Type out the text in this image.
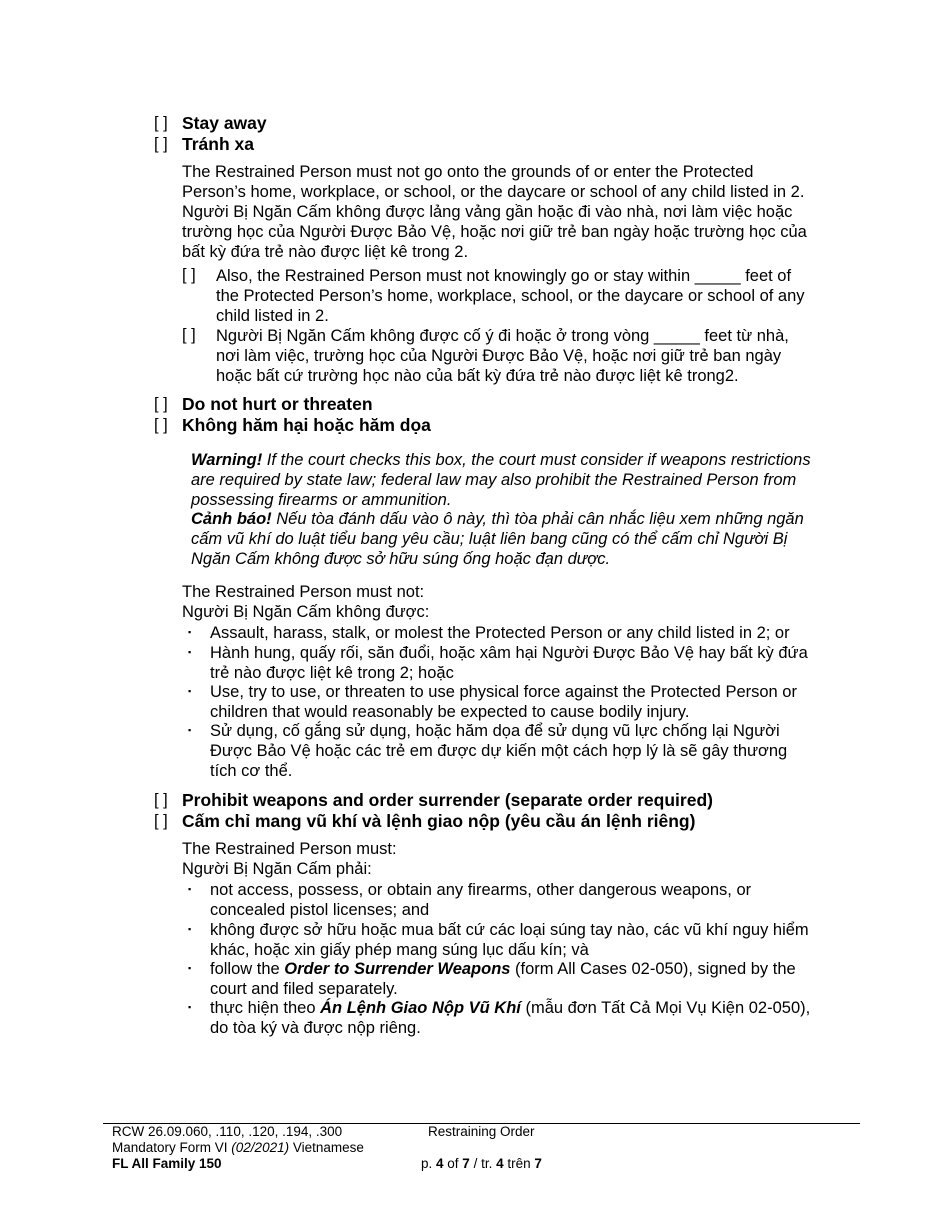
[ ] Stay away
[ ] Tránh xa
The Restrained Person must not go onto the grounds of or enter the Protected
Person’s home, workplace, or school, or the daycare or school of any child listed in 2.
Người Bị Ngăn Cấm không được lảng vảng gần hoặc đi vào nhà, nơi làm việc hoặc
trường học của Người Được Bảo Vệ, hoặc nơi giữ trẻ ban ngày hoặc trường học của
bất kỳ đứa trẻ nào được liệt kê trong 2.
[ ] Also, the Restrained Person must not knowingly go or stay within _____ feet of
the Protected Person’s home, workplace, school, or the daycare or school of any
child listed in 2.
[ ] Người Bị Ngăn Cấm không được cố ý đi hoặc ở trong vòng _____ feet từ nhà,
nơi làm việc, trường học của Người Được Bảo Vệ, hoặc nơi giữ trẻ ban ngày
hoặc bất cứ trường học nào của bất kỳ đứa trẻ nào được liệt kê trong2.
[ ] Do not hurt or threaten
[ ] Không hăm hại hoặc hăm dọa
Warning! If the court checks this box, the court must consider if weapons restrictions
are required by state law; federal law may also prohibit the Restrained Person from
possessing firearms or ammunition.
Cảnh báo! Nếu tòa đánh dấu vào ô này, thì tòa phải cân nhắc liệu xem những ngăn
cấm vũ khí do luật tiểu bang yêu cầu; luật liên bang cũng có thể cấm chỉ Người Bị
Ngăn Cấm không được sở hữu súng ống hoặc đạn dược.
The Restrained Person must not:
Người Bị Ngăn Cấm không được:
▪ Assault, harass, stalk, or molest the Protected Person or any child listed in 2; or
▪ Hành hung, quấy rối, săn đuổi, hoặc xâm hại Người Được Bảo Vệ hay bất kỳ đứa
trẻ nào được liệt kê trong 2; hoặc
▪ Use, try to use, or threaten to use physical force against the Protected Person or
children that would reasonably be expected to cause bodily injury.
▪ Sử dụng, cố gắng sử dụng, hoặc hăm dọa để sử dụng vũ lực chống lại Người
Được Bảo Vệ hoặc các trẻ em được dự kiến một cách hợp lý là sẽ gây thương
tích cơ thể.
[ ] Prohibit weapons and order surrender (separate order required)
[ ] Cấm chỉ mang vũ khí và lệnh giao nộp (yêu cầu án lệnh riêng)
The Restrained Person must:
Người Bị Ngăn Cấm phải:
▪ not access, possess, or obtain any firearms, other dangerous weapons, or
concealed pistol licenses; and
▪ không được sở hữu hoặc mua bất cứ các loại súng tay nào, các vũ khí nguy hiểm
khác, hoặc xin giấy phép mang súng lục dấu kín; và
▪ follow the Order to Surrender Weapons (form All Cases 02-050), signed by the
court and filed separately.
▪ thực hiện theo Án Lệnh Giao Nộp Vũ Khí (mẫu đơn Tất Cả Mọi Vụ Kiện 02-050),
do tòa ký và được nộp riêng.
RCW 26.09.060, .110, .120, .194, .300
Mandatory Form VI (02/2021) Vietnamese
FL All Family 150
Restraining Order
p. 4 of 7 / tr. 4 trên 7
